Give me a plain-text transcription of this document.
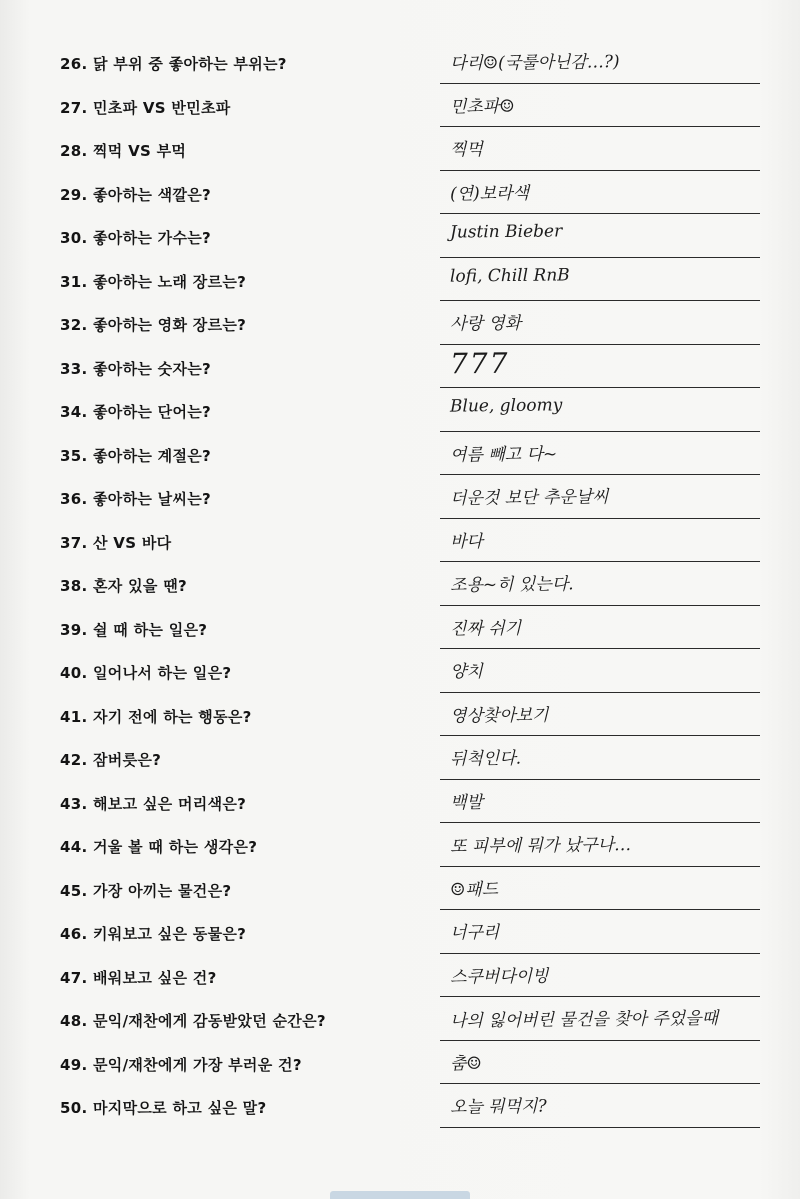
26. 닭 부위 중 좋아하는 부위는?	다리☺(국룰아닌감…?)
27. 민초파 VS 반민초파	민초파☺
28. 찍먹 VS 부먹	찍먹
29. 좋아하는 색깔은?	(연)보라색
30. 좋아하는 가수는?	Justin Bieber
31. 좋아하는 노래 장르는?	lofi, Chill RnB
32. 좋아하는 영화 장르는?	사랑 영화
33. 좋아하는 숫자는?	777
34. 좋아하는 단어는?	Blue, gloomy
35. 좋아하는 계절은?	여름 빼고 다~
36. 좋아하는 날씨는?	더운것 보단 추운날씨
37. 산 VS 바다	바다
38. 혼자 있을 땐?	조용~히 있는다.
39. 쉴 때 하는 일은?	진짜 쉬기
40. 일어나서 하는 일은?	양치
41. 자기 전에 하는 행동은?	영상찾아보기
42. 잠버릇은?	뒤척인다.
43. 해보고 싶은 머리색은?	백발
44. 거울 볼 때 하는 생각은?	또 피부에 뭐가 났구나…
45. 가장 아끼는 물건은?	☺패드
46. 키워보고 싶은 동물은?	너구리
47. 배워보고 싶은 건?	스쿠버다이빙
48. 문익/재찬에게 감동받았던 순간은?	나의 잃어버린 물건을 찾아 주었을때
49. 문익/재찬에게 가장 부러운 건?	춤☺
50. 마지막으로 하고 싶은 말?	오늘 뭐먹지?
